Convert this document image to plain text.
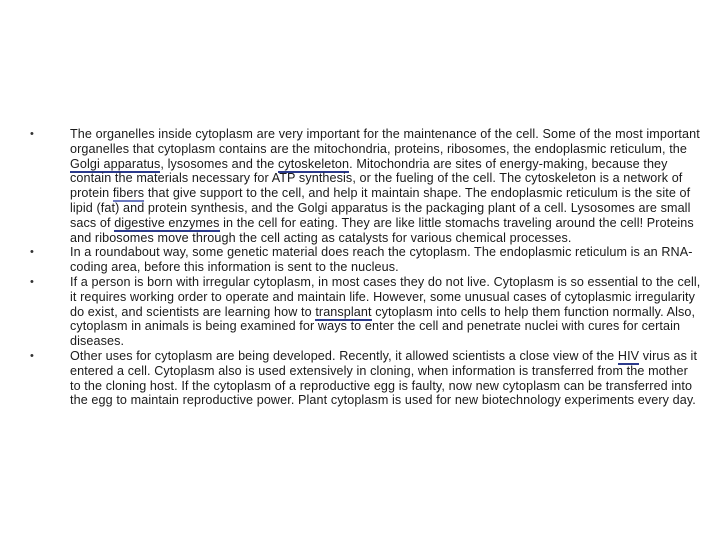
•	The organelles inside cytoplasm are very important for the maintenance of the cell. Some of the most important organelles that cytoplasm contains are the mitochondria, proteins, ribosomes, the endoplasmic reticulum, the Golgi apparatus, lysosomes and the cytoskeleton. Mitochondria are sites of energy-making, because they contain the materials necessary for ATP synthesis, or the fueling of the cell. The cytoskeleton is a network of protein fibers that give support to the cell, and help it maintain shape. The endoplasmic reticulum is the site of lipid (fat) and protein synthesis, and the Golgi apparatus is the packaging plant of a cell. Lysosomes are small sacs of digestive enzymes in the cell for eating. They are like little stomachs traveling around the cell! Proteins and ribosomes move through the cell acting as catalysts for various chemical processes.
•	In a roundabout way, some genetic material does reach the cytoplasm. The endoplasmic reticulum is an RNA-coding area, before this information is sent to the nucleus.
•	If a person is born with irregular cytoplasm, in most cases they do not live. Cytoplasm is so essential to the cell, it requires working order to operate and maintain life. However, some unusual cases of cytoplasmic irregularity do exist, and scientists are learning how to transplant cytoplasm into cells to help them function normally. Also, cytoplasm in animals is being examined for ways to enter the cell and penetrate nuclei with cures for certain diseases.
•	Other uses for cytoplasm are being developed. Recently, it allowed scientists a close view of the HIV virus as it entered a cell. Cytoplasm also is used extensively in cloning, when information is transferred from the mother to the cloning host. If the cytoplasm of a reproductive egg is faulty, now new cytoplasm can be transferred into the egg to maintain reproductive power. Plant cytoplasm is used for new biotechnology experiments every day.
